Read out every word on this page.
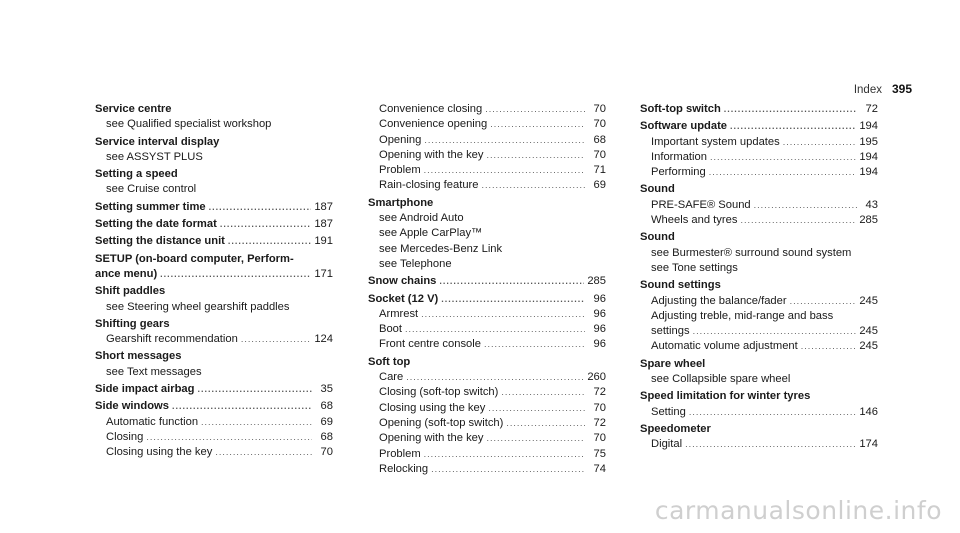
Index 395
Service centre
see Qualified specialist workshop
Service interval display
see ASSYST PLUS
Setting a speed
see Cruise control
Setting summer time .....	187
Setting the date format .....	187
Setting the distance unit .....	191
SETUP (on-board computer, Perform-
ance menu) .....	171
Shift paddles
see Steering wheel gearshift paddles
Shifting gears
Gearshift recommendation .....	124
Short messages
see Text messages
Side impact airbag .....	35
Side windows .....	68
Automatic function .....	69
Closing .....	68
Closing using the key .....	70
Convenience closing .....	70
Convenience opening .....	70
Opening .....	68
Opening with the key .....	70
Problem .....	71
Rain-closing feature .....	69
Smartphone
see Android Auto
see Apple CarPlay™
see Mercedes-Benz Link
see Telephone
Snow chains .....	285
Socket (12 V) .....	96
Armrest .....	96
Boot .....	96
Front centre console .....	96
Soft top
Care .....	260
Closing (soft-top switch) .....	72
Closing using the key .....	70
Opening (soft-top switch) .....	72
Opening with the key .....	70
Problem .....	75
Relocking .....	74
Soft-top switch .....	72
Software update .....	194
Important system updates .....	195
Information .....	194
Performing .....	194
Sound
PRE-SAFE® Sound .....	43
Wheels and tyres .....	285
Sound
see Burmester® surround sound system
see Tone settings
Sound settings
Adjusting the balance/fader .....	245
Adjusting treble, mid-range and bass
settings .....	245
Automatic volume adjustment .....	245
Spare wheel
see Collapsible spare wheel
Speed limitation for winter tyres
Setting .....	146
Speedometer
Digital .....	174
carmanualsonline.info
